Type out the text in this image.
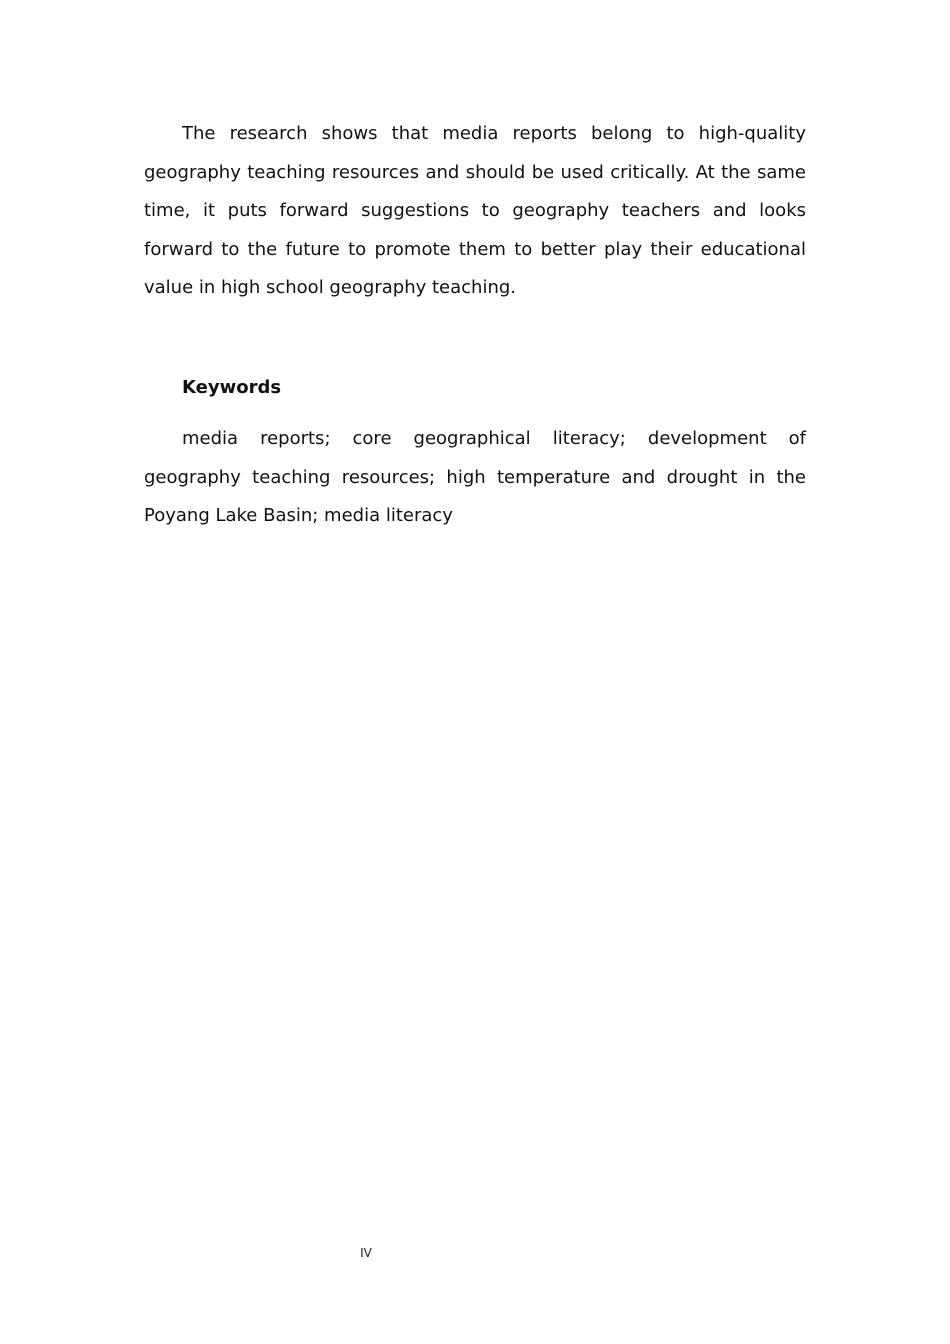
The research shows that media reports belong to high-quality geography teaching resources and should be used critically. At the same time, it puts forward suggestions to geography teachers and looks forward to the future to promote them to better play their educational value in high school geography teaching.

Keywords

media reports; core geographical literacy; development of geography teaching resources; high temperature and drought in the Poyang Lake Basin; media literacy

IV
